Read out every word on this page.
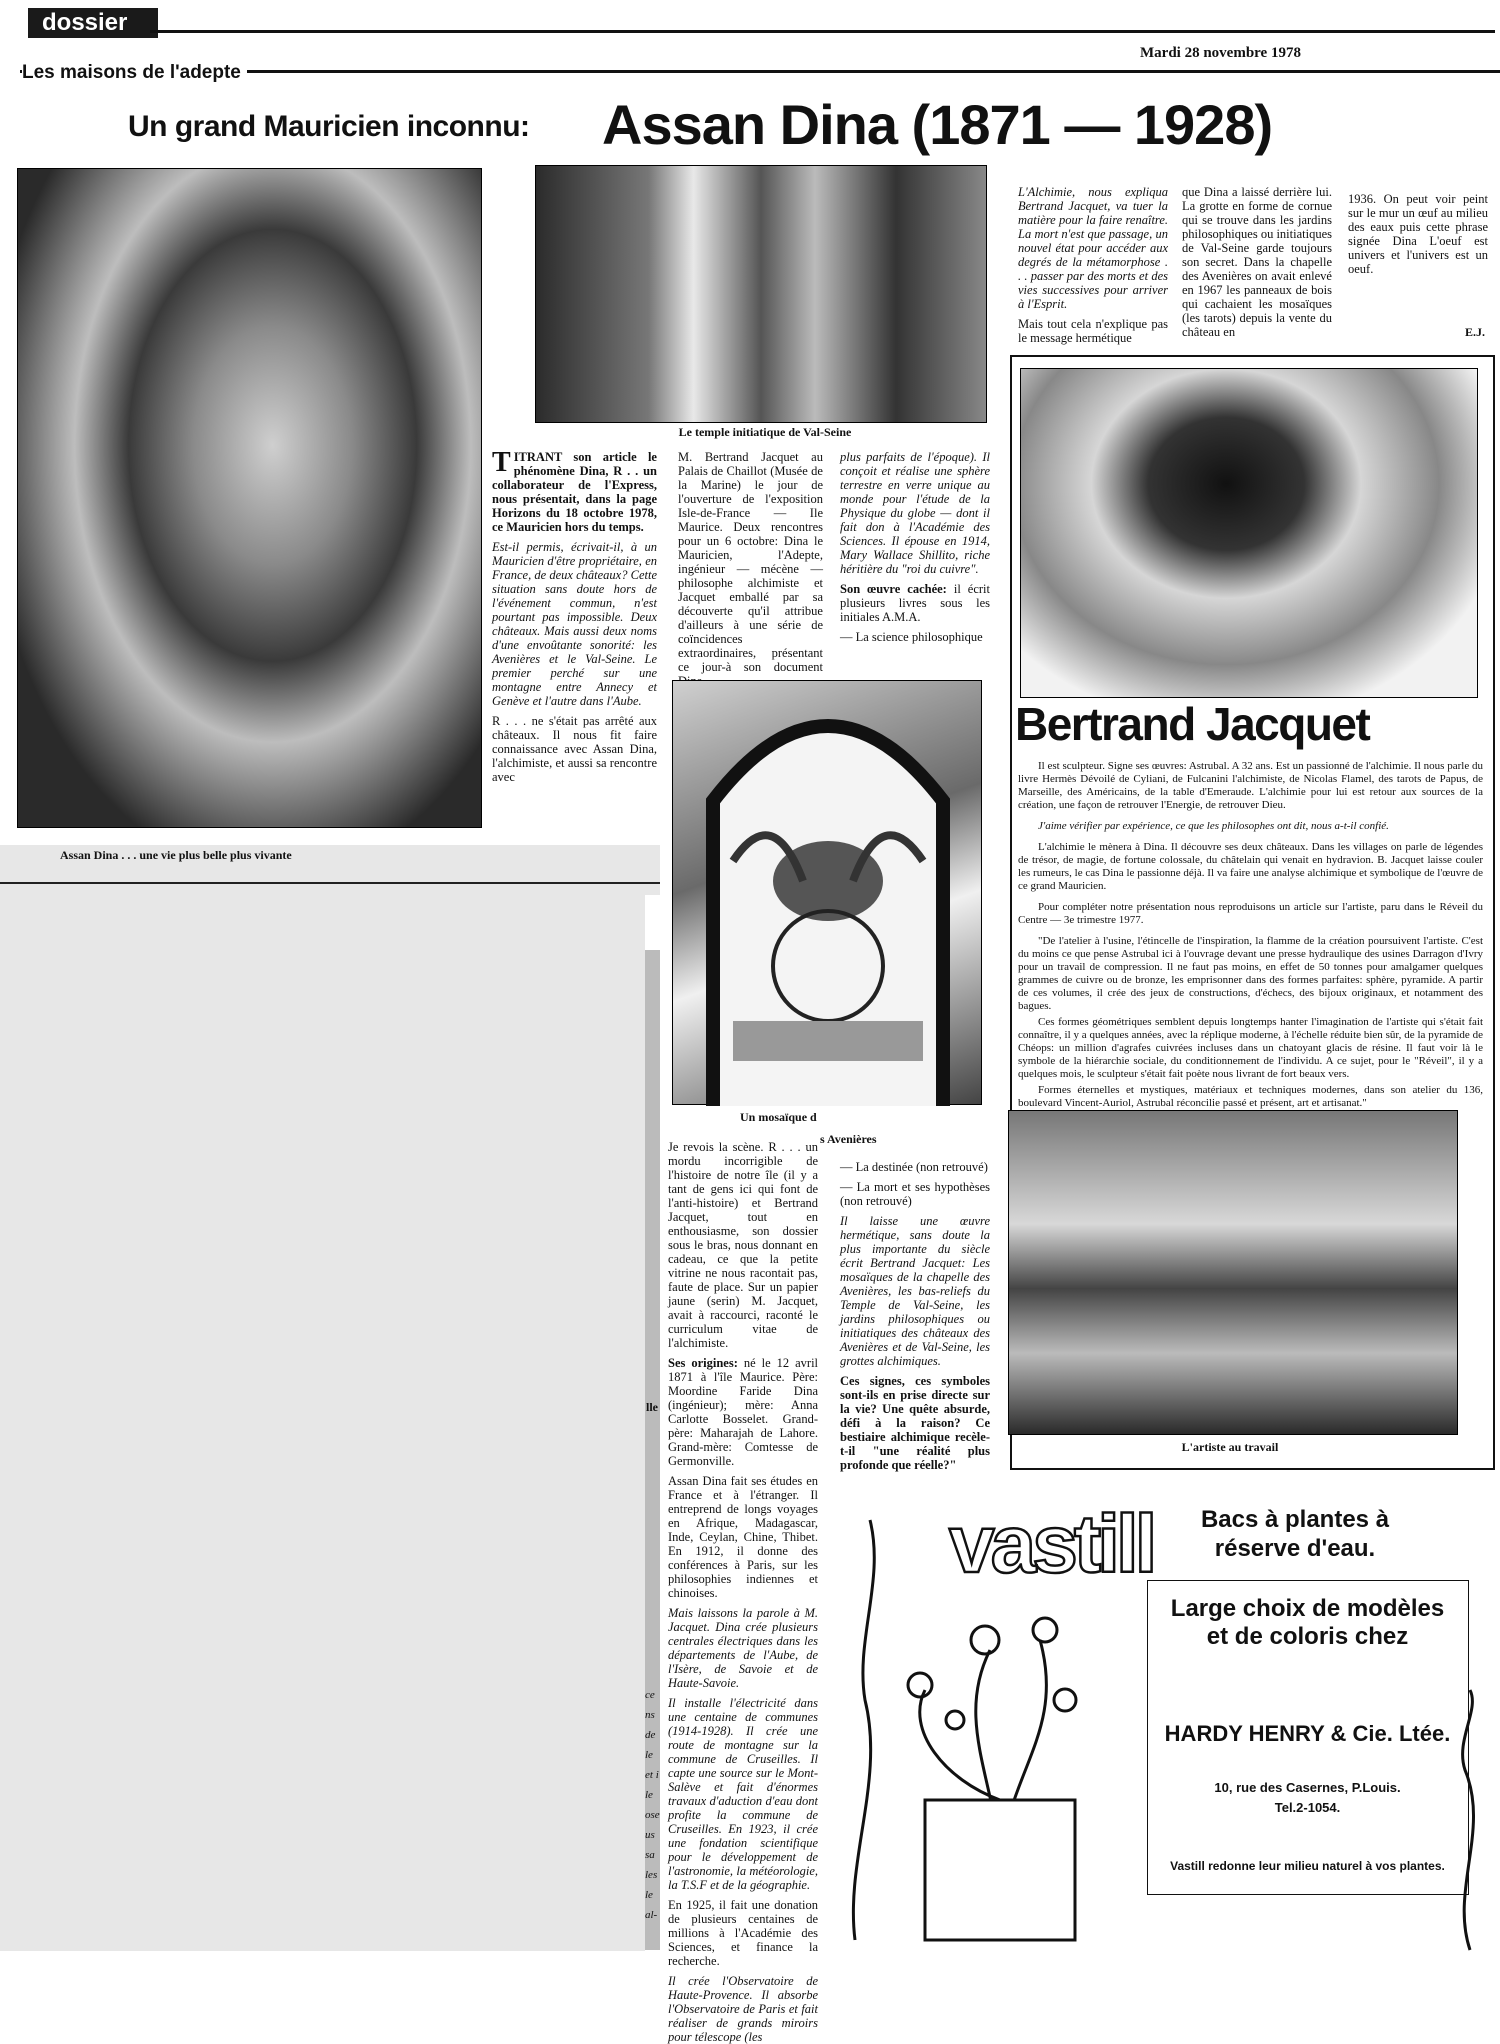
dossier
Mardi 28 novembre 1978
Les maisons de l'adepte
Un grand Mauricien inconnu: Assan Dina (1871 — 1928)
Assan Dina . . . une vie plus belle plus vivante
Le temple initiatique de Val-Seine

L'Alchimie, nous expliqua Bertrand Jacquet, va tuer la matière pour la faire renaître. La mort n'est que passage, un nouvel état pour accéder aux degrés de la métamorphose . . . passer par des morts et des vies successives pour arriver à l'Esprit.

Mais tout cela n'explique pas le message hermétique

que Dina a laissé derrière lui. La grotte en forme de cornue qui se trouve dans les jardins philosophiques ou initiatiques de Val-Seine garde toujours son secret. Dans la chapelle des Avenières on avait enlevé en 1967 les panneaux de bois qui cachaient les mosaïques (les tarots) depuis la vente du château en

1936. On peut voir peint sur le mur un œuf au milieu des eaux puis cette phrase signée Dina L'oeuf est univers et l'univers est un oeuf.

E.J.

TITRANT son article le phénomène Dina, R . . un collaborateur de l'Express, nous présentait, dans la page Horizons du 18 octobre 1978, ce Mauricien hors du temps.

Est-il permis, écrivait-il, à un Mauricien d'être propriétaire, en France, de deux châteaux? Cette situation sans doute hors de l'événement commun, n'est pourtant pas impossible. Deux châteaux. Mais aussi deux noms d'une envoûtante sonorité: les Avenières et le Val-Seine. Le premier perché sur une montagne entre Annecy et Genève et l'autre dans l'Aube.

R . . . ne s'était pas arrêté aux châteaux. Il nous fit faire connaissance avec Assan Dina, l'alchimiste, et aussi sa rencontre avec

M. Bertrand Jacquet au Palais de Chaillot (Musée de la Marine) le jour de l'ouverture de l'exposition Isle-de-France — Ile Maurice. Deux rencontres pour un 6 octobre: Dina le Mauricien, l'Adepte, ingénieur — mécène — philosophe alchimiste et Jacquet emballé par sa découverte qu'il attribue d'ailleurs à une série de coïncidences extraordinaires, présentant ce jour-à son document

plus parfaits de l'époque). Il conçoit et réalise une sphère terrestre en verre unique au monde pour l'étude de la Physique du globe — dont il fait don à l'Académie des Sciences. Il épouse en 1914, Mary Wallace Shillito, riche héritière du "roi du cuivre".

Son œuvre cachée: il écrit plusieurs livres sous les initiales A.M.A.

— La science philosophique

Un mosaïque d
s Avenières
lle

Je revois la scène. R . . . un mordu incorrigible de l'histoire de notre île (il y a tant de gens ici qui font de l'anti-histoire) et Bertrand Jacquet, tout en enthousiasme, son dossier sous le bras, nous donnant en cadeau, ce que la petite vitrine ne nous racontait pas, faute de place. Sur un papier jaune (serin) M. Jacquet, avait à raccourci, raconté le curriculum vitae de l'alchimiste.

Ses origines: né le 12 avril 1871 à l'île Maurice. Père: Moordine Faride Dina (ingénieur); mère: Anna Carlotte Bosselet. Grand-père: Maharajah de Lahore. Grand-mère: Comtesse de Germonville.

Assan Dina fait ses études en France et à l'étranger. Il entreprend de longs voyages en Afrique, Madagascar, Inde, Ceylan, Chine, Thibet. En 1912, il donne des conférences à Paris, sur les philosophies indiennes et chinoises.

Mais laissons la parole à M. Jacquet. Dina crée plusieurs centrales électriques dans les départements de l'Aube, de l'Isère, de Savoie et de Haute-Savoie.

Il installe l'électricité dans une centaine de communes (1914-1928). Il crée une route de montagne sur la commune de Cruseilles. Il capte une source sur le Mont-Salève et fait d'énormes travaux d'aduction d'eau dont profite la commune de Cruseilles. En 1923, il crée une fondation scientifique pour le développement de l'astronomie, la météorologie, la T.S.F et de la géographie.

En 1925, il fait une donation de plusieurs centaines de millions à l'Académie des Sciences, et finance la recherche.

Il crée l'Observatoire de Haute-Provence. Il absorbe l'Observatoire de Paris et fait réaliser de grands miroirs pour télescope (les

— La destinée (non retrouvé)

— La mort et ses hypothèses (non retrouvé)

Il laisse une œuvre hermétique, sans doute la plus importante du siècle écrit Bertrand Jacquet: Les mosaïques de la chapelle des Avenières, les bas-reliefs du Temple de Val-Seine, les jardins philosophiques ou initiatiques des châteaux des Avenières et de Val-Seine, les grottes alchimiques.

Ces signes, ces symboles sont-ils en prise directe sur la vie? Une quête absurde, défi à la raison? Ce bestiaire alchimique recèle-t-il "une réalité plus profonde que réelle?"

ce ns de le et ile ose us sa les le al-
Bertrand Jacquet

Il est sculpteur. Signe ses œuvres: Astrubal. A 32 ans. Est un passionné de l'alchimie. Il nous parle du livre Hermès Dévoilé de Cyliani, de Fulcanini l'alchimiste, de Nicolas Flamel, des tarots de Papus, de Marseille, des Américains, de la table d'Emeraude. L'alchimie pour lui est retour aux sources de la création, une façon de retrouver l'Energie, de retrouver Dieu.

J'aime vérifier par expérience, ce que les philosophes ont dit, nous a-t-il confié.

L'alchimie le mènera à Dina. Il découvre ses deux châteaux. Dans les villages on parle de légendes de trésor, de magie, de fortune colossale, du châtelain qui venait en hydravion. B. Jacquet laisse couler les rumeurs, le cas Dina le passionne déjà. Il va faire une analyse alchimique et symbolique de l'œuvre de ce grand Mauricien.

Pour compléter notre présentation nous reproduisons un article sur l'artiste, paru dans le Réveil du Centre — 3e trimestre 1977.

"De l'atelier à l'usine, l'étincelle de l'inspiration, la flamme de la création poursuivent l'artiste. C'est du moins ce que pense Astrubal ici à l'ouvrage devant une presse hydraulique des usines Darragon d'Ivry pour un travail de compression. Il ne faut pas moins, en effet de 50 tonnes pour amalgamer quelques grammes de cuivre ou de bronze, les emprisonner dans des formes parfaites: sphère, pyramide. A partir de ces volumes, il crée des jeux de constructions, d'échecs, des bijoux originaux, et notamment des bagues.

Ces formes géométriques semblent depuis longtemps hanter l'imagination de l'artiste qui s'était fait connaître, il y a quelques années, avec la réplique moderne, à l'échelle réduite bien sûr, de la pyramide de Chéops: un million d'agrafes cuivrées incluses dans un chatoyant glacis de résine. Il faut voir là le symbole de la hiérarchie sociale, du conditionnement de l'individu. A ce sujet, pour le "Réveil", il y a quelques mois, le sculpteur s'était fait poète nous livrant de fort beaux vers.

Formes éternelles et mystiques, matériaux et techniques modernes, dans son atelier du 136, boulevard Vincent-Auriol, Astrubal réconcilie passé et présent, art et artisanat."

L'artiste au travail
vastill	Bacs à plantes à réserve d'eau.
Large choix de modèles et de coloris chez
HARDY HENRY & Cie. Ltée.
10, rue des Casernes, P.Louis.
Tel.2-1054.
Vastill redonne leur milieu naturel à vos plantes.
